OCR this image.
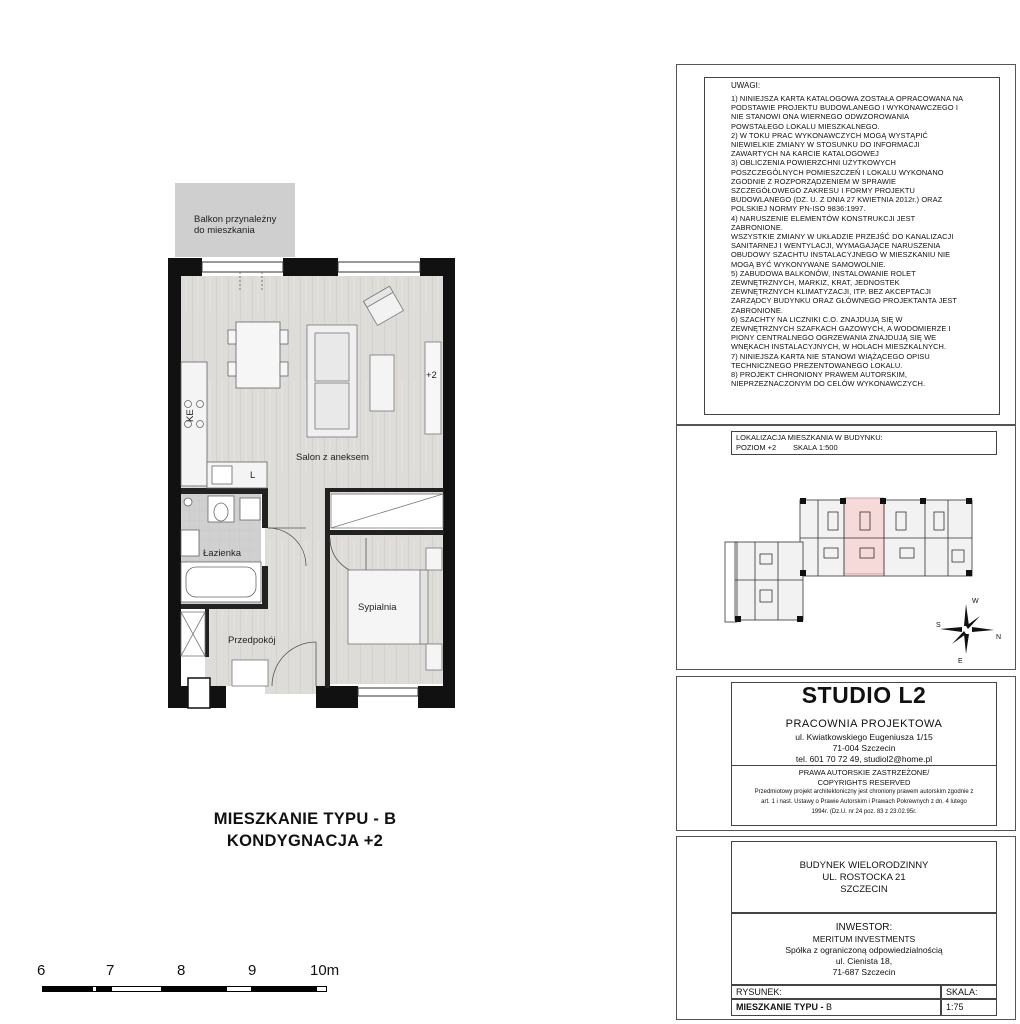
KE
L
+2
Balkon przynależny
do mieszkania
Salon z aneksem
Łazienka
Sypialnia
Przedpokój
MIESZKANIE TYPU - B
KONDYGNACJA +2
6	7	8	9	10m
UWAGI:
1) NINIEJSZA KARTA KATALOGOWA ZOSTAŁA OPRACOWANA NA
PODSTAWIE PROJEKTU BUDOWLANEGO I WYKONAWCZEGO I
NIE STANOWI ONA WIERNEGO ODWZOROWANIA
POWSTAŁEGO LOKALU MIESZKALNEGO.
2) W TOKU PRAC WYKONAWCZYCH MOGĄ WYSTĄPIĆ
NIEWIELKIE ZMIANY W STOSUNKU DO INFORMACJI
ZAWARTYCH NA KARCIE KATALOGOWEJ
3) OBLICZENIA POWIERZCHNI UŻYTKOWYCH
POSZCZEGÓLNYCH POMIESZCZEŃ I LOKALU WYKONANO
ZGODNIE Z ROZPORZĄDZENIEM W SPRAWIE
SZCZEGÓŁOWEGO ZAKRESU I FORMY PROJEKTU
BUDOWLANEGO (DZ. U. Z DNIA 27 KWIETNIA 2012r.) ORAZ
POLSKIEJ NORMY PN-ISO 9836:1997.
4) NARUSZENIE ELEMENTÓW KONSTRUKCJI JEST
ZABRONIONE.
WSZYSTKIE ZMIANY W UKŁADZIE PRZEJŚĆ DO KANALIZACJI
SANITARNEJ I WENTYLACJI, WYMAGAJĄCE NARUSZENIA
OBUDOWY SZACHTU INSTALACYJNEGO W MIESZKANIU NIE
MOGĄ BYĆ WYKONYWANE SAMOWOLNIE.
5) ZABUDOWA BALKONÓW, INSTALOWANIE ROLET
ZEWNĘTRZNYCH, MARKIZ, KRAT, JEDNOSTEK
ZEWNĘTRZNYCH KLIMATYZACJI, ITP. BEZ AKCEPTACJI
ZARZĄDCY BUDYNKU ORAZ GŁÓWNEGO PROJEKTANTA JEST
ZABRONIONE.
6) SZACHTY NA LICZNIKI C.O. ZNAJDUJĄ SIĘ W
ZEWNĘTRZNYCH SZAFKACH GAZOWYCH, A WODOMIERZE I
PIONY CENTRALNEGO OGRZEWANIA ZNAJDUJĄ SIĘ WE
WNĘKACH INSTALACYJNYCH, W HOLACH MIESZKALNYCH.
7) NINIEJSZA KARTA NIE STANOWI WIĄŻĄCEGO OPISU
TECHNICZNEGO PREZENTOWANEGO LOKALU.
8) PROJEKT CHRONIONY PRAWEM AUTORSKIM,
NIEPRZEZNACZONYM DO CELÓW WYKONAWCZYCH.
LOKALIZACJA MIESZKANIA W BUDYNKU:
POZIOM +2 SKALA 1:500
W
S
N
E
STUDIO L2
PRACOWNIA PROJEKTOWA
ul. Kwiatkowskiego Eugeniusza 1/15
71-004 Szczecin
tel. 601 70 72 49, studiol2@home.pl
PRAWA AUTORSKIE ZASTRZEŻONE/
COPYRIGHTS RESERVED
Przedmiotowy projekt architektoniczny jest chroniony prawem autorskim zgodnie z
art. 1 i nast. Ustawy o Prawie Autorskim i Prawach Pokrewnych z dn. 4 lutego
1994r. (Dz.U. nr 24 poz. 83 z 23.02.95r.
BUDYNEK WIELORODZINNY
UL. ROSTOCKA 21
SZCZECIN
INWESTOR:
MERITUM INVESTMENTS
Spółka z ograniczoną odpowiedzialnością
ul. Cienista 18,
71-687 Szczecin
RYSUNEK:
MIESZKANIE TYPU - B
SKALA:
1:75
